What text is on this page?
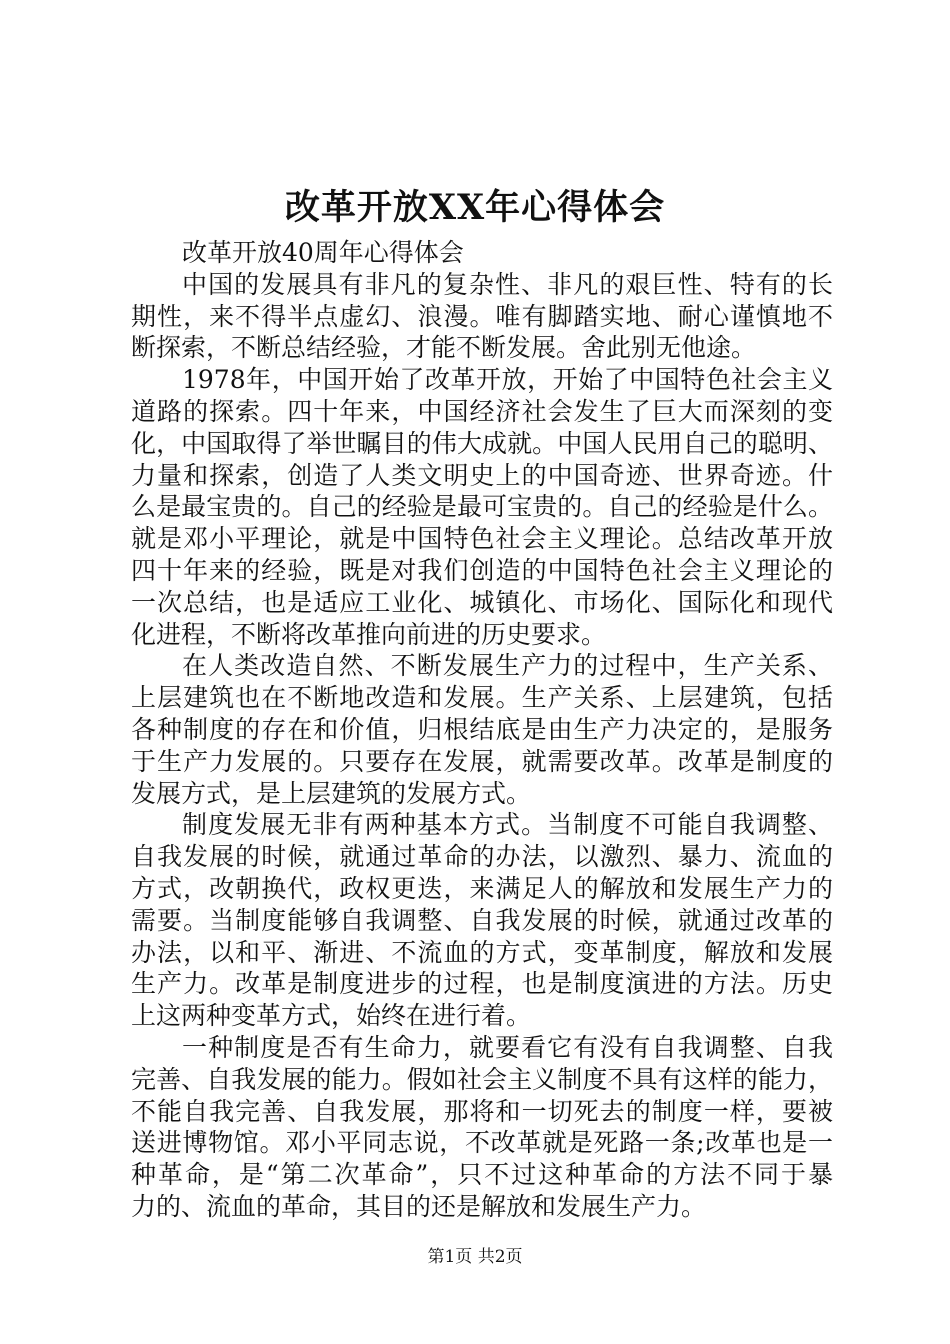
改革开放XX年心得体会
改革开放40周年心得体会
中国的发展具有非凡的复杂性、非凡的艰巨性、特有的长
期性，来不得半点虚幻、浪漫。唯有脚踏实地、耐心谨慎地不
断探索，不断总结经验，才能不断发展。舍此别无他途。
1978年，中国开始了改革开放，开始了中国特色社会主义
道路的探索。四十年来，中国经济社会发生了巨大而深刻的变
化，中国取得了举世瞩目的伟大成就。中国人民用自己的聪明、
力量和探索，创造了人类文明史上的中国奇迹、世界奇迹。什
么是最宝贵的。自己的经验是最可宝贵的。自己的经验是什么。
就是邓小平理论，就是中国特色社会主义理论。总结改革开放
四十年来的经验，既是对我们创造的中国特色社会主义理论的
一次总结，也是适应工业化、城镇化、市场化、国际化和现代
化进程，不断将改革推向前进的历史要求。
在人类改造自然、不断发展生产力的过程中，生产关系、
上层建筑也在不断地改造和发展。生产关系、上层建筑，包括
各种制度的存在和价值，归根结底是由生产力决定的，是服务
于生产力发展的。只要存在发展，就需要改革。改革是制度的
发展方式，是上层建筑的发展方式。
制度发展无非有两种基本方式。当制度不可能自我调整、
自我发展的时候，就通过革命的办法，以激烈、暴力、流血的
方式，改朝换代，政权更迭，来满足人的解放和发展生产力的
需要。当制度能够自我调整、自我发展的时候，就通过改革的
办法，以和平、渐进、不流血的方式，变革制度，解放和发展
生产力。改革是制度进步的过程，也是制度演进的方法。历史
上这两种变革方式，始终在进行着。
一种制度是否有生命力，就要看它有没有自我调整、自我
完善、自我发展的能力。假如社会主义制度不具有这样的能力，
不能自我完善、自我发展，那将和一切死去的制度一样，要被
送进博物馆。邓小平同志说，不改革就是死路一条;改革也是一
种革命，是“第二次革命”，只不过这种革命的方法不同于暴
力的、流血的革命，其目的还是解放和发展生产力。
第1页 共2页
